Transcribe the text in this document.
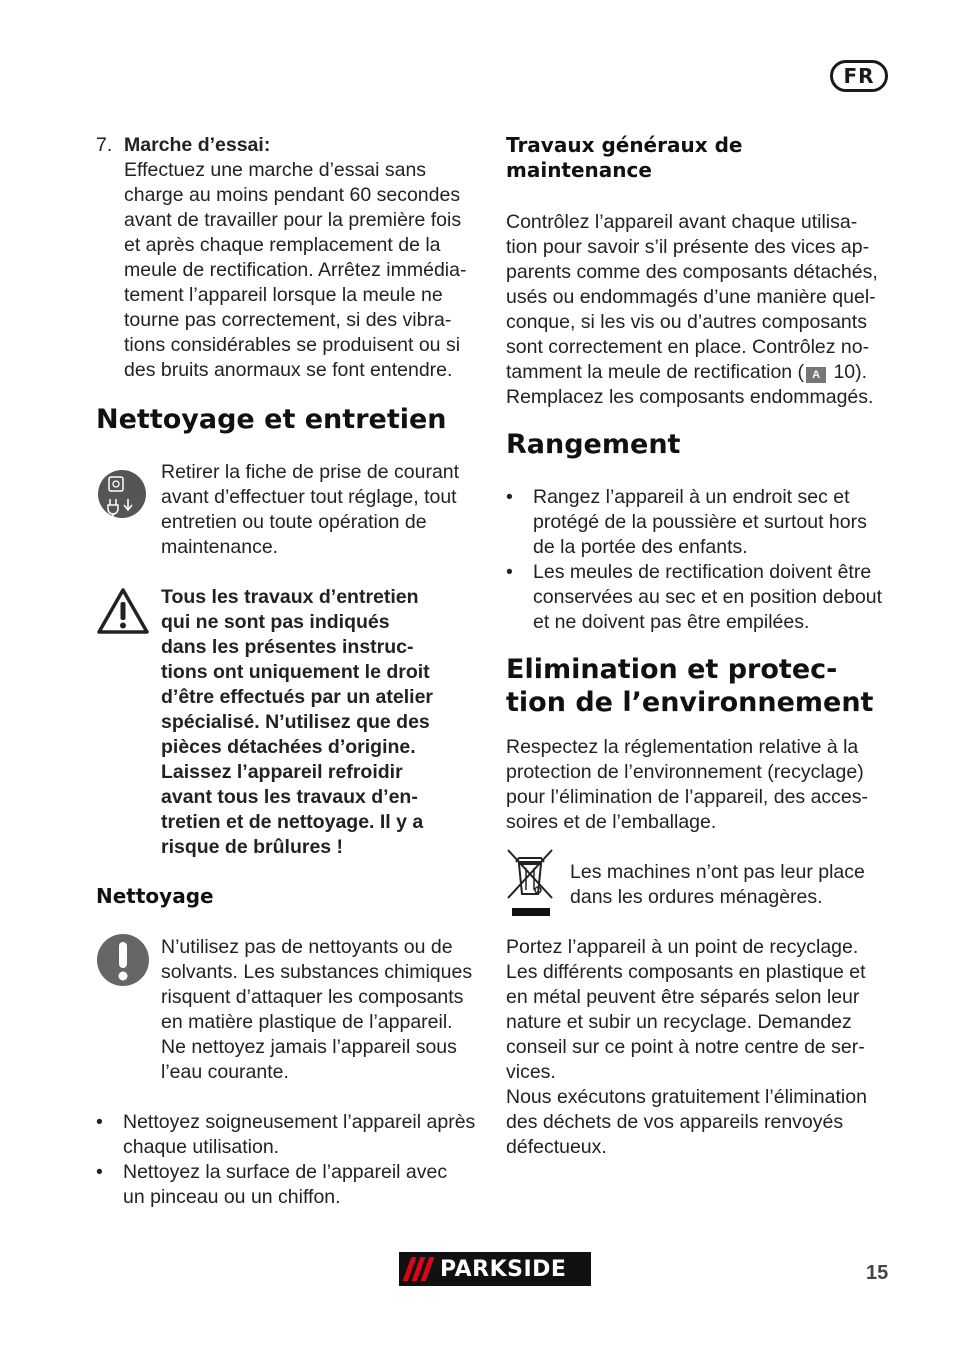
FR
7. Marche d’essai:
Effectuez une marche d’essai sans
charge au moins pendant 60 secondes
avant de travailler pour la première fois
et après chaque remplacement de la
meule de rectification. Arrêtez immédia-
tement l’appareil lorsque la meule ne
tourne pas correctement, si des vibra-
tions considérables se produisent ou si
des bruits anormaux se font entendre.
Nettoyage et entretien
Retirer la fiche de prise de courant
avant d’effectuer tout réglage, tout
entretien ou toute opération de
maintenance.
Tous les travaux d’entretien
qui ne sont pas indiqués
dans les présentes instruc-
tions ont uniquement le droit
d’être effectués par un atelier
spécialisé. N’utilisez que des
pièces détachées d’origine.
Laissez l’appareil refroidir
avant tous les travaux d’en-
tretien et de nettoyage. Il y a
risque de brûlures !
Nettoyage
N’utilisez pas de nettoyants ou de
solvants. Les substances chimiques
risquent d’attaquer les composants
en matière plastique de l’appareil.
Ne nettoyez jamais l’appareil sous
l’eau courante.
• Nettoyez soigneusement l’appareil après
chaque utilisation.
• Nettoyez la surface de l’appareil avec
un pinceau ou un chiffon.
Travaux généraux de
maintenance
Contrôlez l’appareil avant chaque utilisa-
tion pour savoir s’il présente des vices ap-
parents comme des composants détachés,
usés ou endommagés d’une manière quel-
conque, si les vis ou d’autres composants
sont correctement en place. Contrôlez no-
tamment la meule de rectification ( A 10).
Remplacez les composants endommagés.
Rangement
• Rangez l’appareil à un endroit sec et
protégé de la poussière et surtout hors
de la portée des enfants.
• Les meules de rectification doivent être
conservées au sec et en position debout
et ne doivent pas être empilées.
Elimination et protec-
tion de l’environnement
Respectez la réglementation relative à la
protection de l’environnement (recyclage)
pour l’élimination de l’appareil, des acces-
soires et de l’emballage.
Les machines n’ont pas leur place
dans les ordures ménagères.
Portez l’appareil à un point de recyclage.
Les différents composants en plastique et
en métal peuvent être séparés selon leur
nature et subir un recyclage. Demandez
conseil sur ce point à notre centre de ser-
vices.
Nous exécutons gratuitement l’élimination
des déchets de vos appareils renvoyés
défectueux.
PARKSIDE	15
